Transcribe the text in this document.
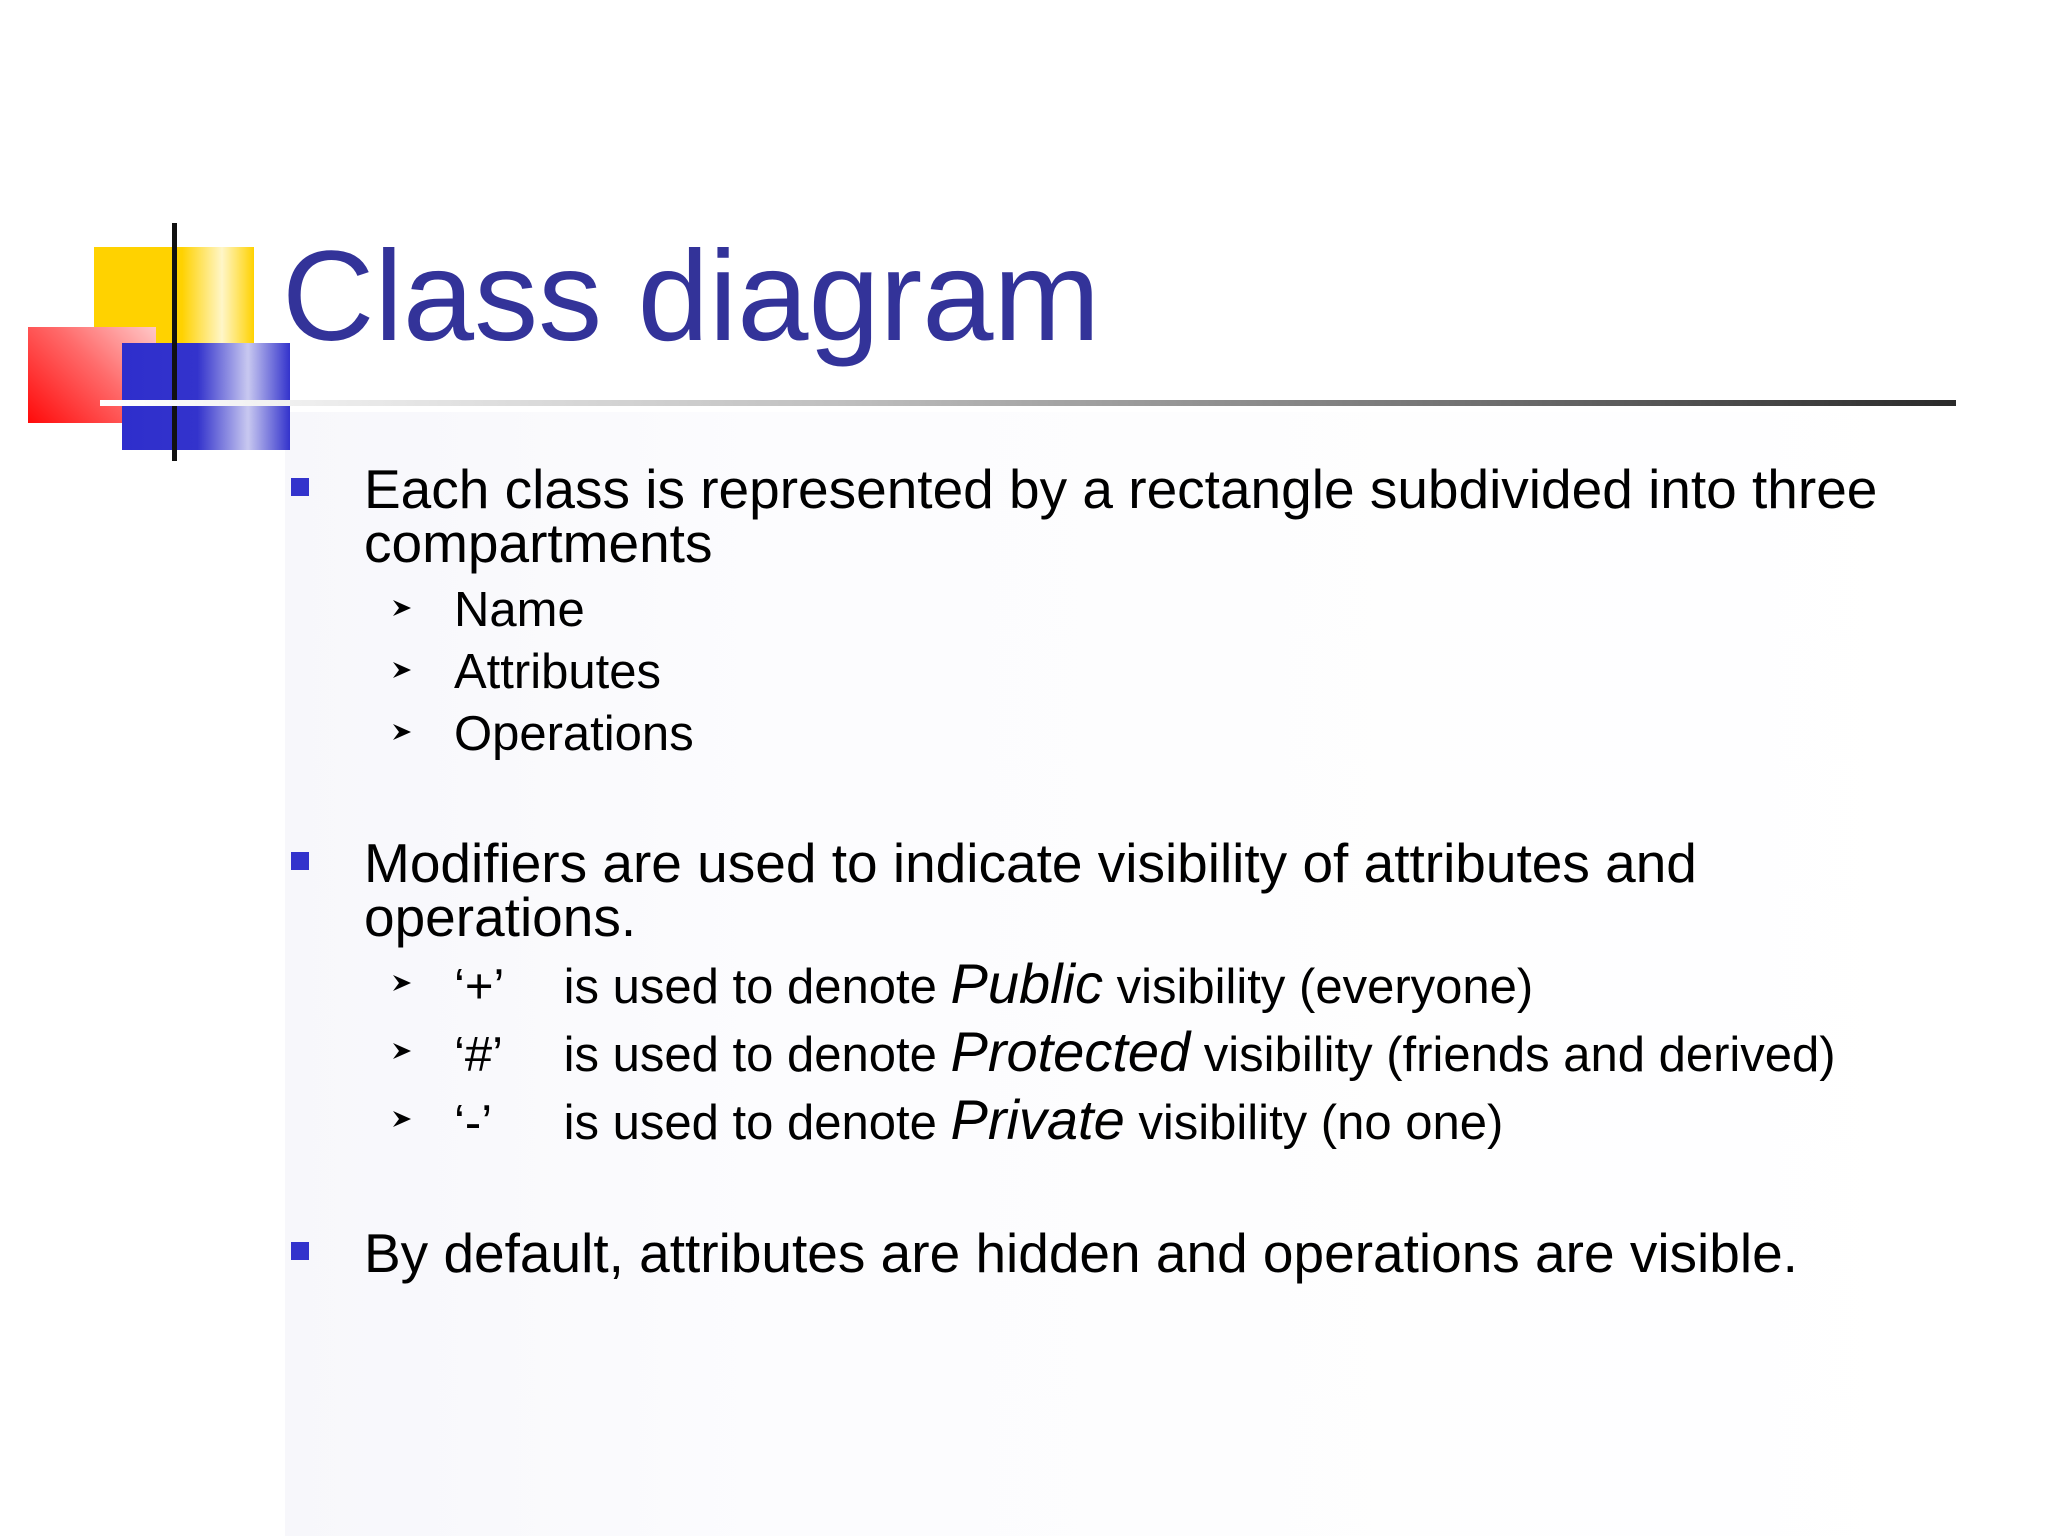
Class diagram
Each class is represented by a rectangle subdivided into three compartments
Name
Attributes
Operations
Modifiers are used to indicate visibility of attributes and operations.
‘+’ is used to denote Public visibility (everyone)
‘#’ is used to denote Protected visibility (friends and derived)
‘-’ is used to denote Private visibility (no one)
By default, attributes are hidden and operations are visible.
